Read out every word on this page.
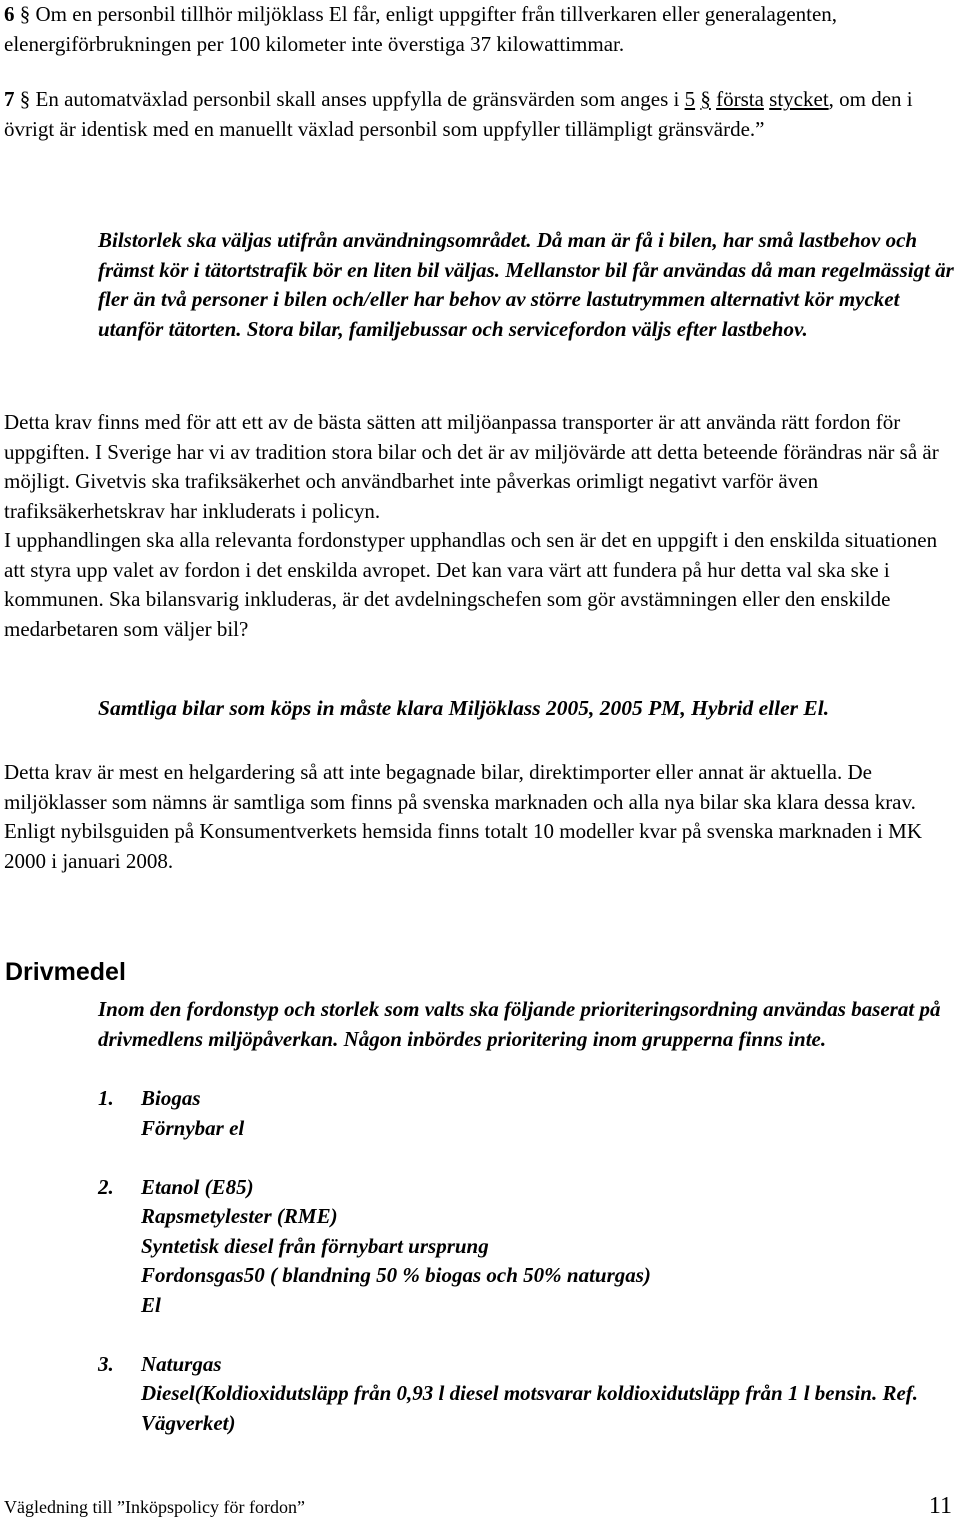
6 § Om en personbil tillhör miljöklass El får, enligt uppgifter från tillverkaren eller generalagenten, elenergiförbrukningen per 100 kilometer inte överstiga 37 kilowattimmar.

7 § En automatväxlad personbil skall anses uppfylla de gränsvärden som anges i 5 § första stycket, om den i övrigt är identisk med en manuellt växlad personbil som uppfyller tillämpligt gränsvärde.”

Bilstorlek ska väljas utifrån användningsområdet. Då man är få i bilen, har små lastbehov och främst kör i tätortstrafik bör en liten bil väljas. Mellanstor bil får användas då man regelmässigt är fler än två personer i bilen och/eller har behov av större lastutrymmen alternativt kör mycket utanför tätorten. Stora bilar, familjebussar och servicefordon väljs efter lastbehov.

Detta krav finns med för att ett av de bästa sätten att miljöanpassa transporter är att använda rätt fordon för uppgiften. I Sverige har vi av tradition stora bilar och det är av miljövärde att detta beteende förändras när så är möjligt. Givetvis ska trafiksäkerhet och användbarhet inte påverkas orimligt negativt varför även trafiksäkerhetskrav har inkluderats i policyn.

I upphandlingen ska alla relevanta fordonstyper upphandlas och sen är det en uppgift i den enskilda situationen att styra upp valet av fordon i det enskilda avropet. Det kan vara värt att fundera på hur detta val ska ske i kommunen. Ska bilansvarig inkluderas, är det avdelningschefen som gör avstämningen eller den enskilde medarbetaren som väljer bil?

Samtliga bilar som köps in måste klara Miljöklass 2005, 2005 PM, Hybrid eller El.

Detta krav är mest en helgardering så att inte begagnade bilar, direktimporter eller annat är aktuella. De miljöklasser som nämns är samtliga som finns på svenska marknaden och alla nya bilar ska klara dessa krav. Enligt nybilsguiden på Konsumentverkets hemsida finns totalt 10 modeller kvar på svenska marknaden i MK 2000 i januari 2008.

Drivmedel

Inom den fordonstyp och storlek som valts ska följande prioriteringsordning användas baserat på drivmedlens miljöpåverkan. Någon inbördes prioritering inom grupperna finns inte.

1.	Biogas
Förnybar el
2.	Etanol (E85)
Rapsmetylester (RME)
Syntetisk diesel från förnybart ursprung
Fordonsgas50 ( blandning 50 % biogas och 50% naturgas)
El
3.	Naturgas
Diesel(Koldioxidutsläpp från 0,93 l diesel motsvarar koldioxidutsläpp från 1 l bensin. Ref. Vägverket)
Vägledning till ”Inköpspolicy för fordon”	11
